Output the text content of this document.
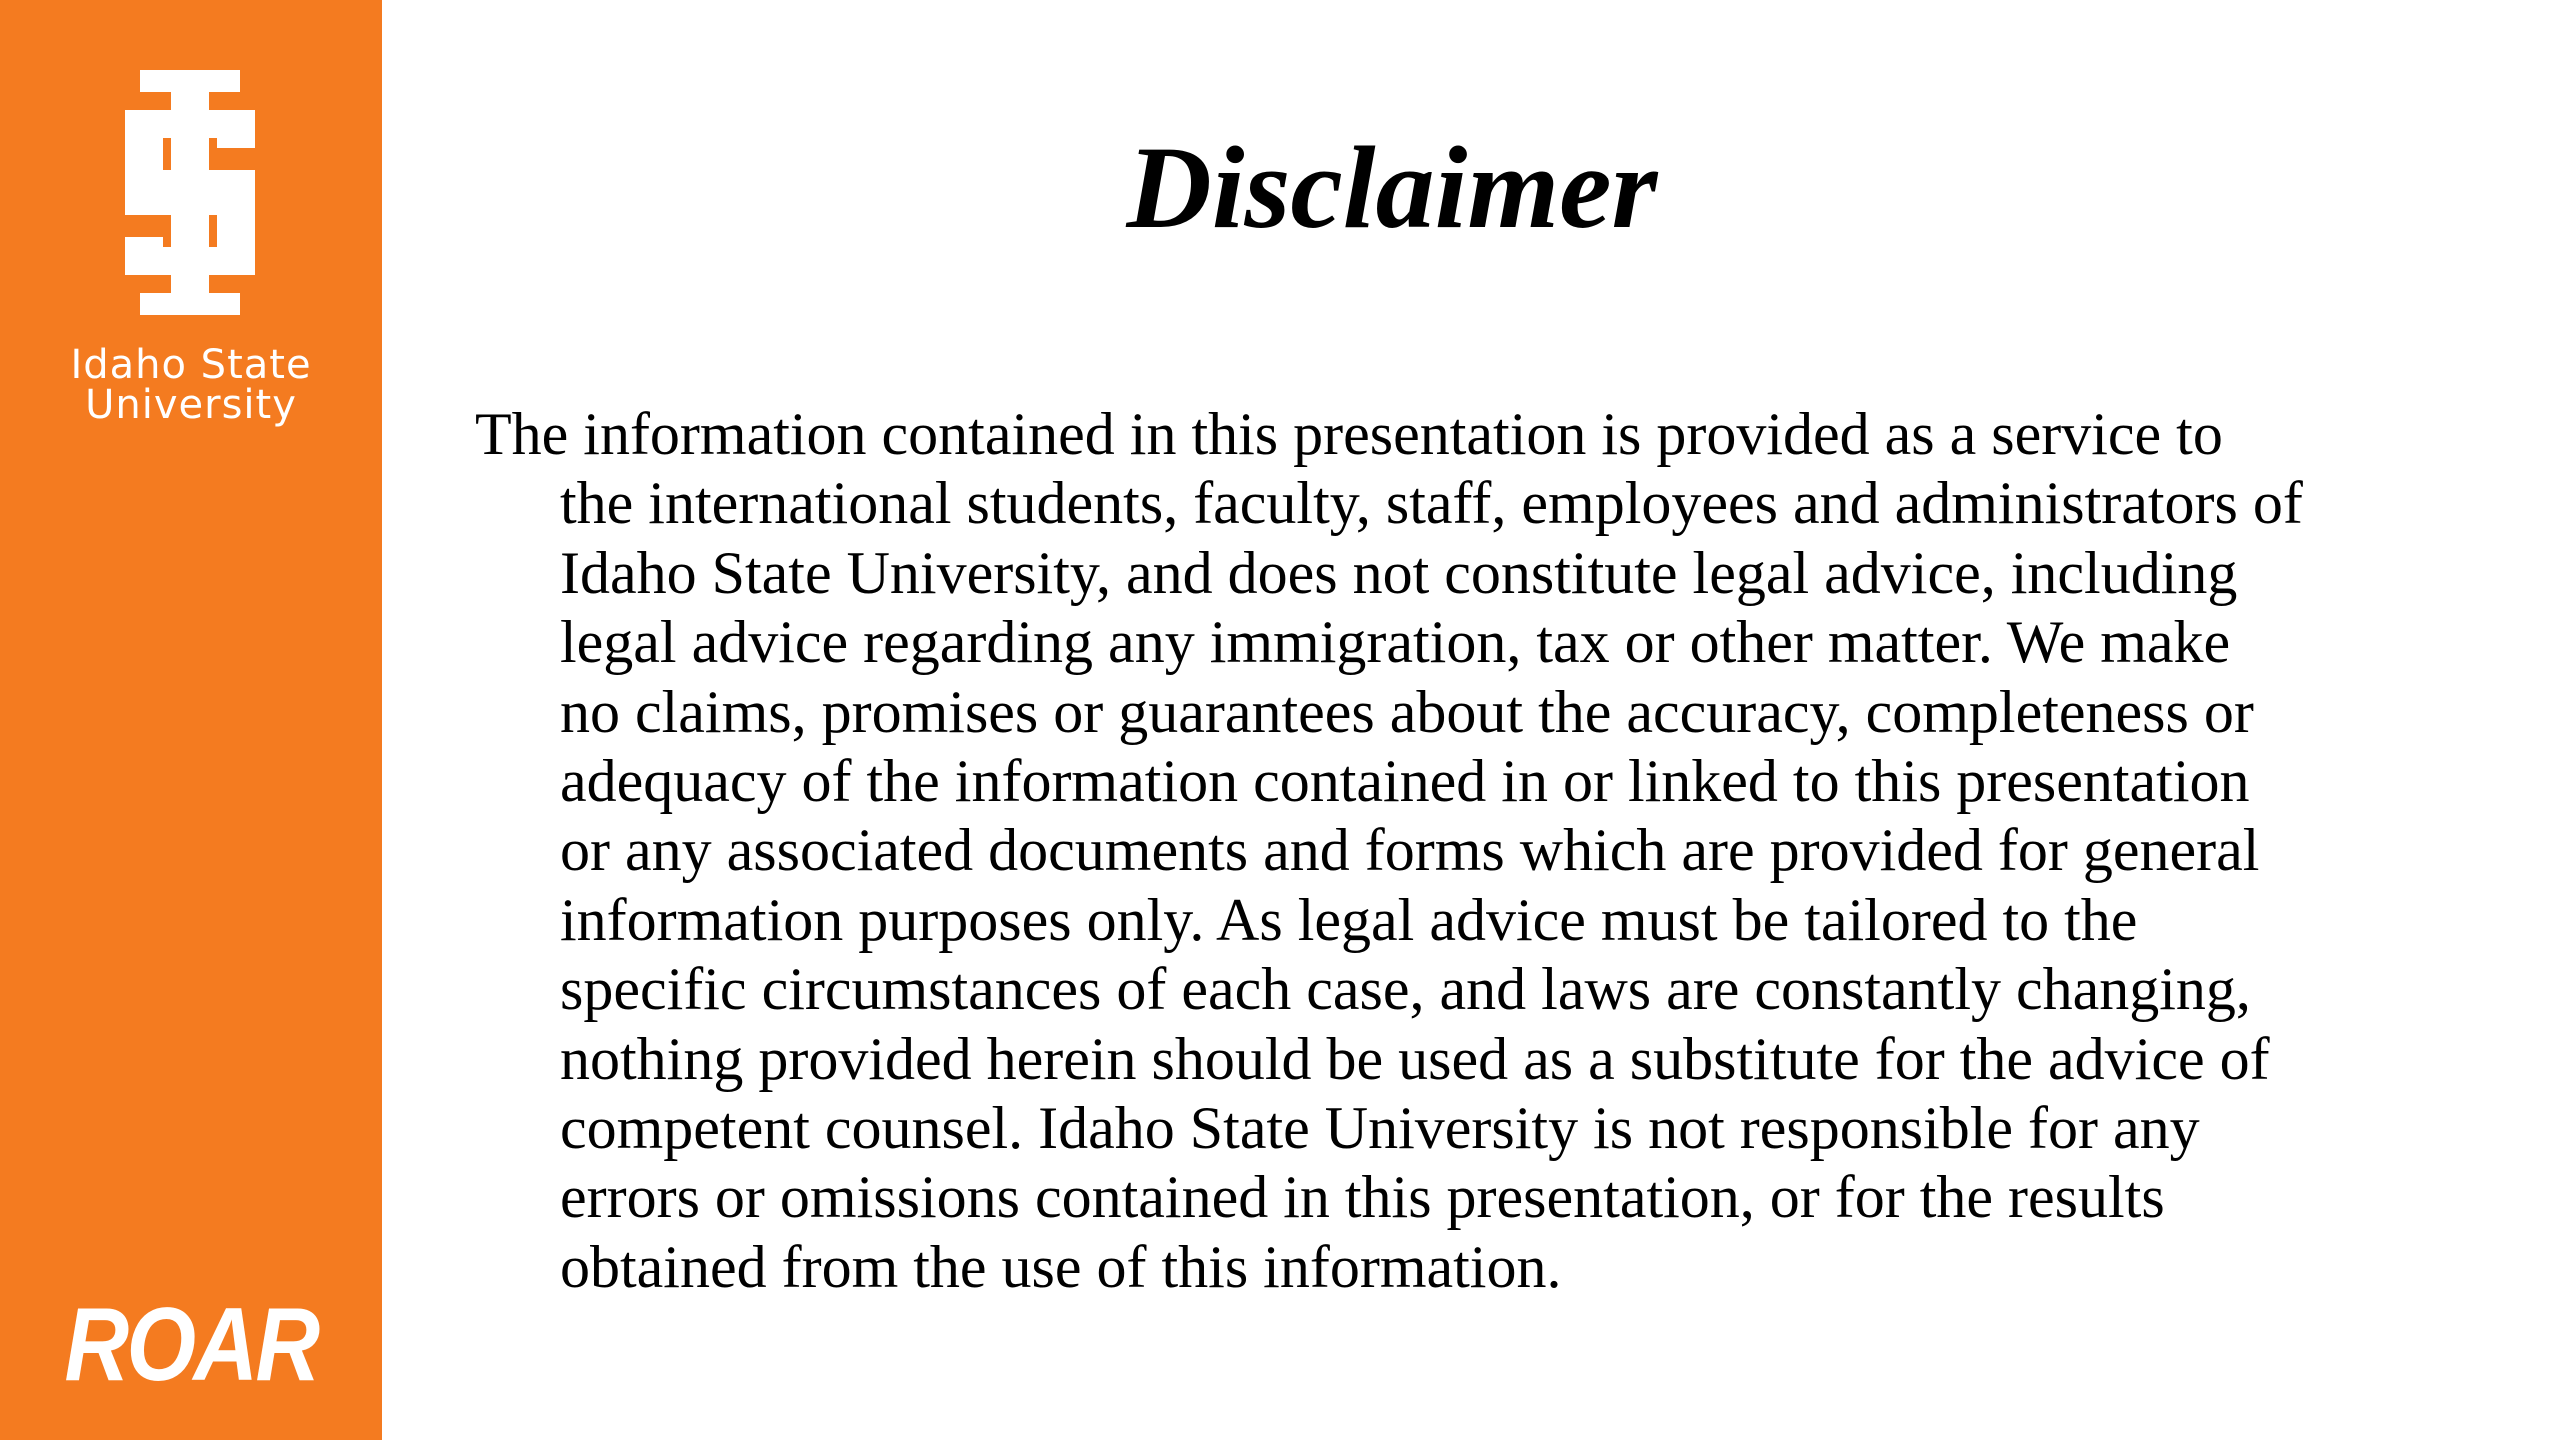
Idaho State
University
ROAR
Disclaimer
The information contained in this presentation is provided as a service to
the international students, faculty, staff, employees and administrators of
Idaho State University, and does not constitute legal advice, including
legal advice regarding any immigration, tax or other matter. We make
no claims, promises or guarantees about the accuracy, completeness or
adequacy of the information contained in or linked to this presentation
or any associated documents and forms which are provided for general
information purposes only. As legal advice must be tailored to the
specific circumstances of each case, and laws are constantly changing,
nothing provided herein should be used as a substitute for the advice of
competent counsel. Idaho State University is not responsible for any
errors or omissions contained in this presentation, or for the results
obtained from the use of this information.
